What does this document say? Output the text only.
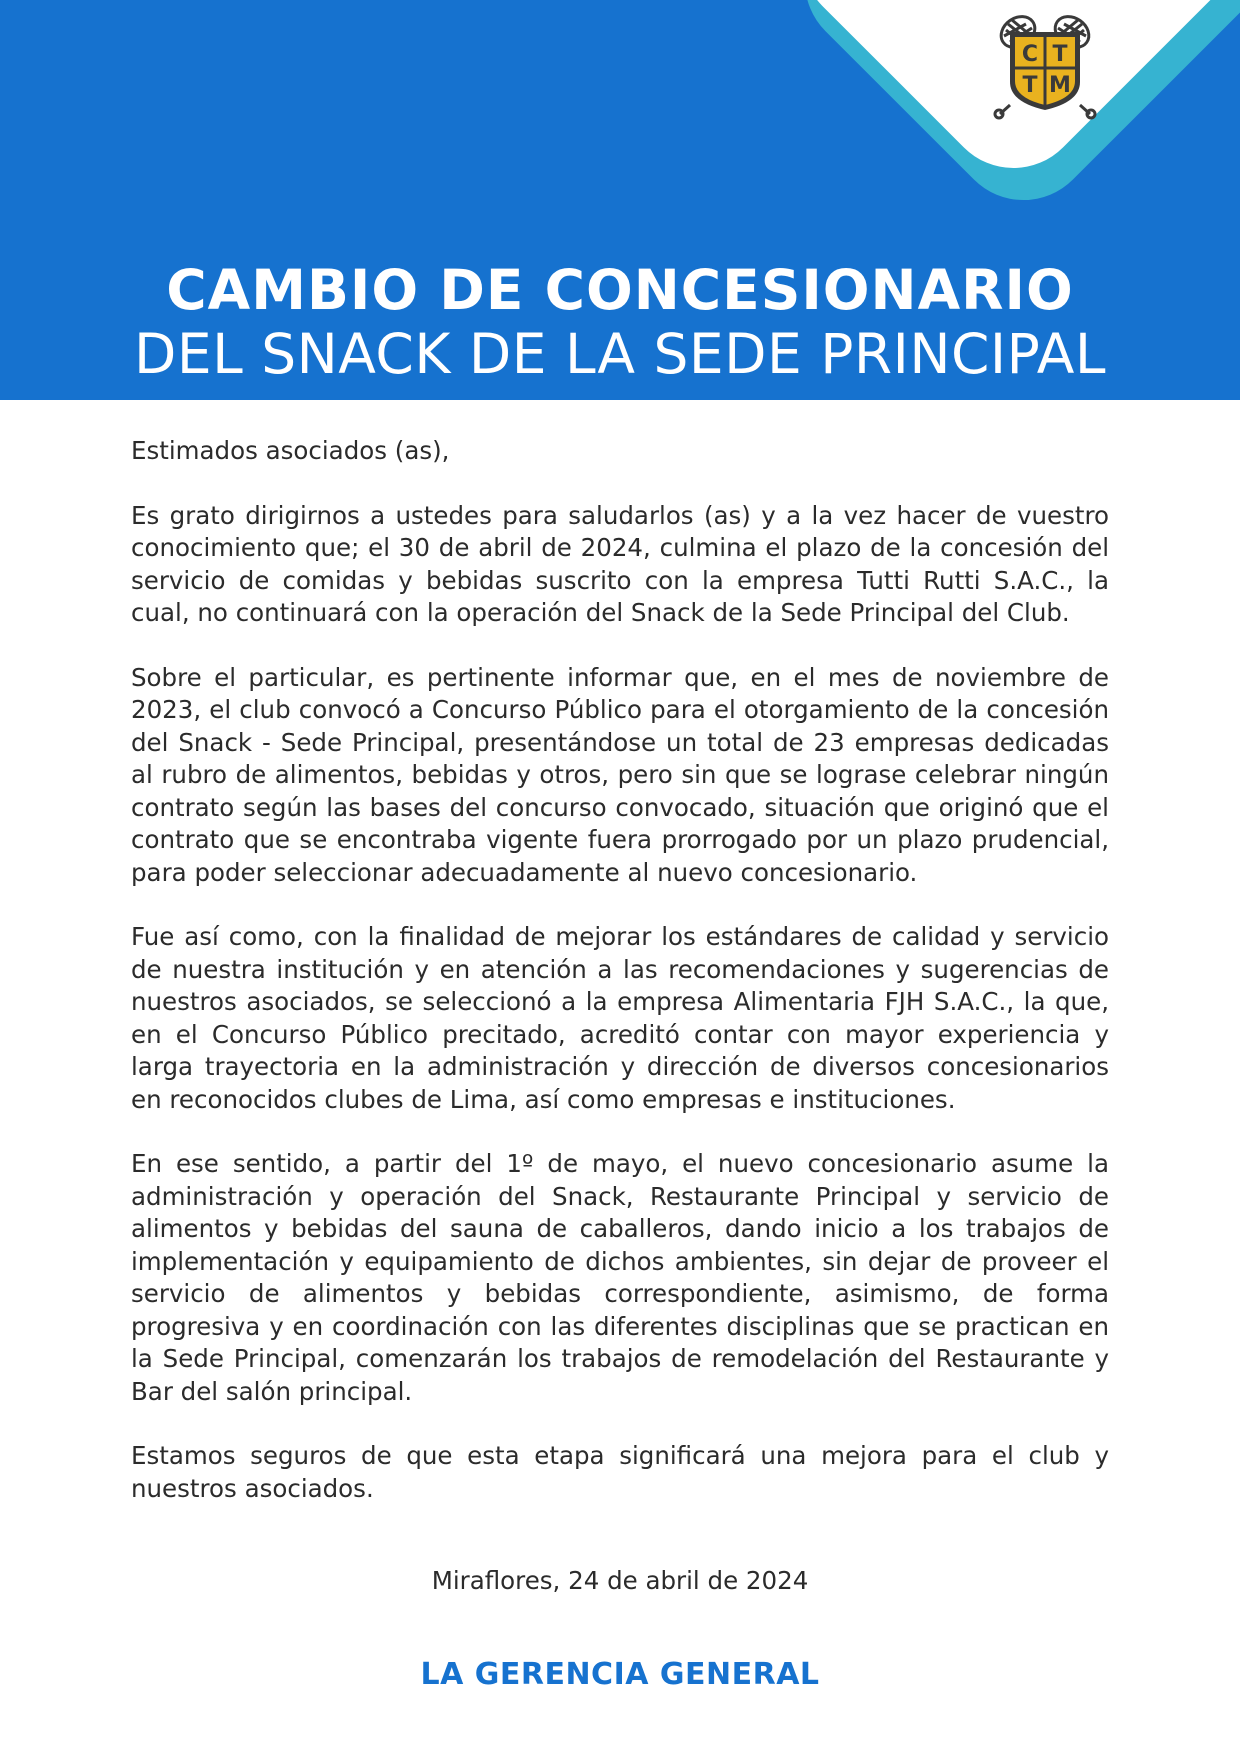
C T
T M
CAMBIO DE CONCESIONARIO
DEL SNACK DE LA SEDE PRINCIPAL

Estimados asociados (as),

Es grato dirigirnos a ustedes para saludarlos (as) y a la vez hacer de vuestro conocimiento que; el 30 de abril de 2024, culmina el plazo de la concesión del servicio de comidas y bebidas suscrito con la empresa Tutti Rutti S.A.C., la cual, no continuará con la operación del Snack de la Sede Principal del Club.

Sobre el particular, es pertinente informar que, en el mes de noviembre de 2023, el club convocó a Concurso Público para el otorgamiento de la concesión del Snack - Sede Principal, presentándose un total de 23 empresas dedicadas al rubro de alimentos, bebidas y otros, pero sin que se lograse celebrar ningún contrato según las bases del concurso convocado, situación que originó que el contrato que se encontraba vigente fuera prorrogado por un plazo prudencial, para poder seleccionar adecuadamente al nuevo concesionario.

Fue así como, con la finalidad de mejorar los estándares de calidad y servicio de nuestra institución y en atención a las recomendaciones y sugerencias de nuestros asociados, se seleccionó a la empresa Alimentaria FJH S.A.C., la que, en el Concurso Público precitado, acreditó contar con mayor experiencia y larga trayectoria en la administración y dirección de diversos concesionarios en reconocidos clubes de Lima, así como empresas e instituciones.

En ese sentido, a partir del 1º de mayo, el nuevo concesionario asume la administración y operación del Snack, Restaurante Principal y servicio de alimentos y bebidas del sauna de caballeros, dando inicio a los trabajos de implementación y equipamiento de dichos ambientes, sin dejar de proveer el servicio de alimentos y bebidas correspondiente, asimismo, de forma progresiva y en coordinación con las diferentes disciplinas que se practican en la Sede Principal, comenzarán los trabajos de remodelación del Restaurante y Bar del salón principal.

Estamos seguros de que esta etapa significará una mejora para el club y nuestros asociados.

Miraflores, 24 de abril de 2024
LA GERENCIA GENERAL
